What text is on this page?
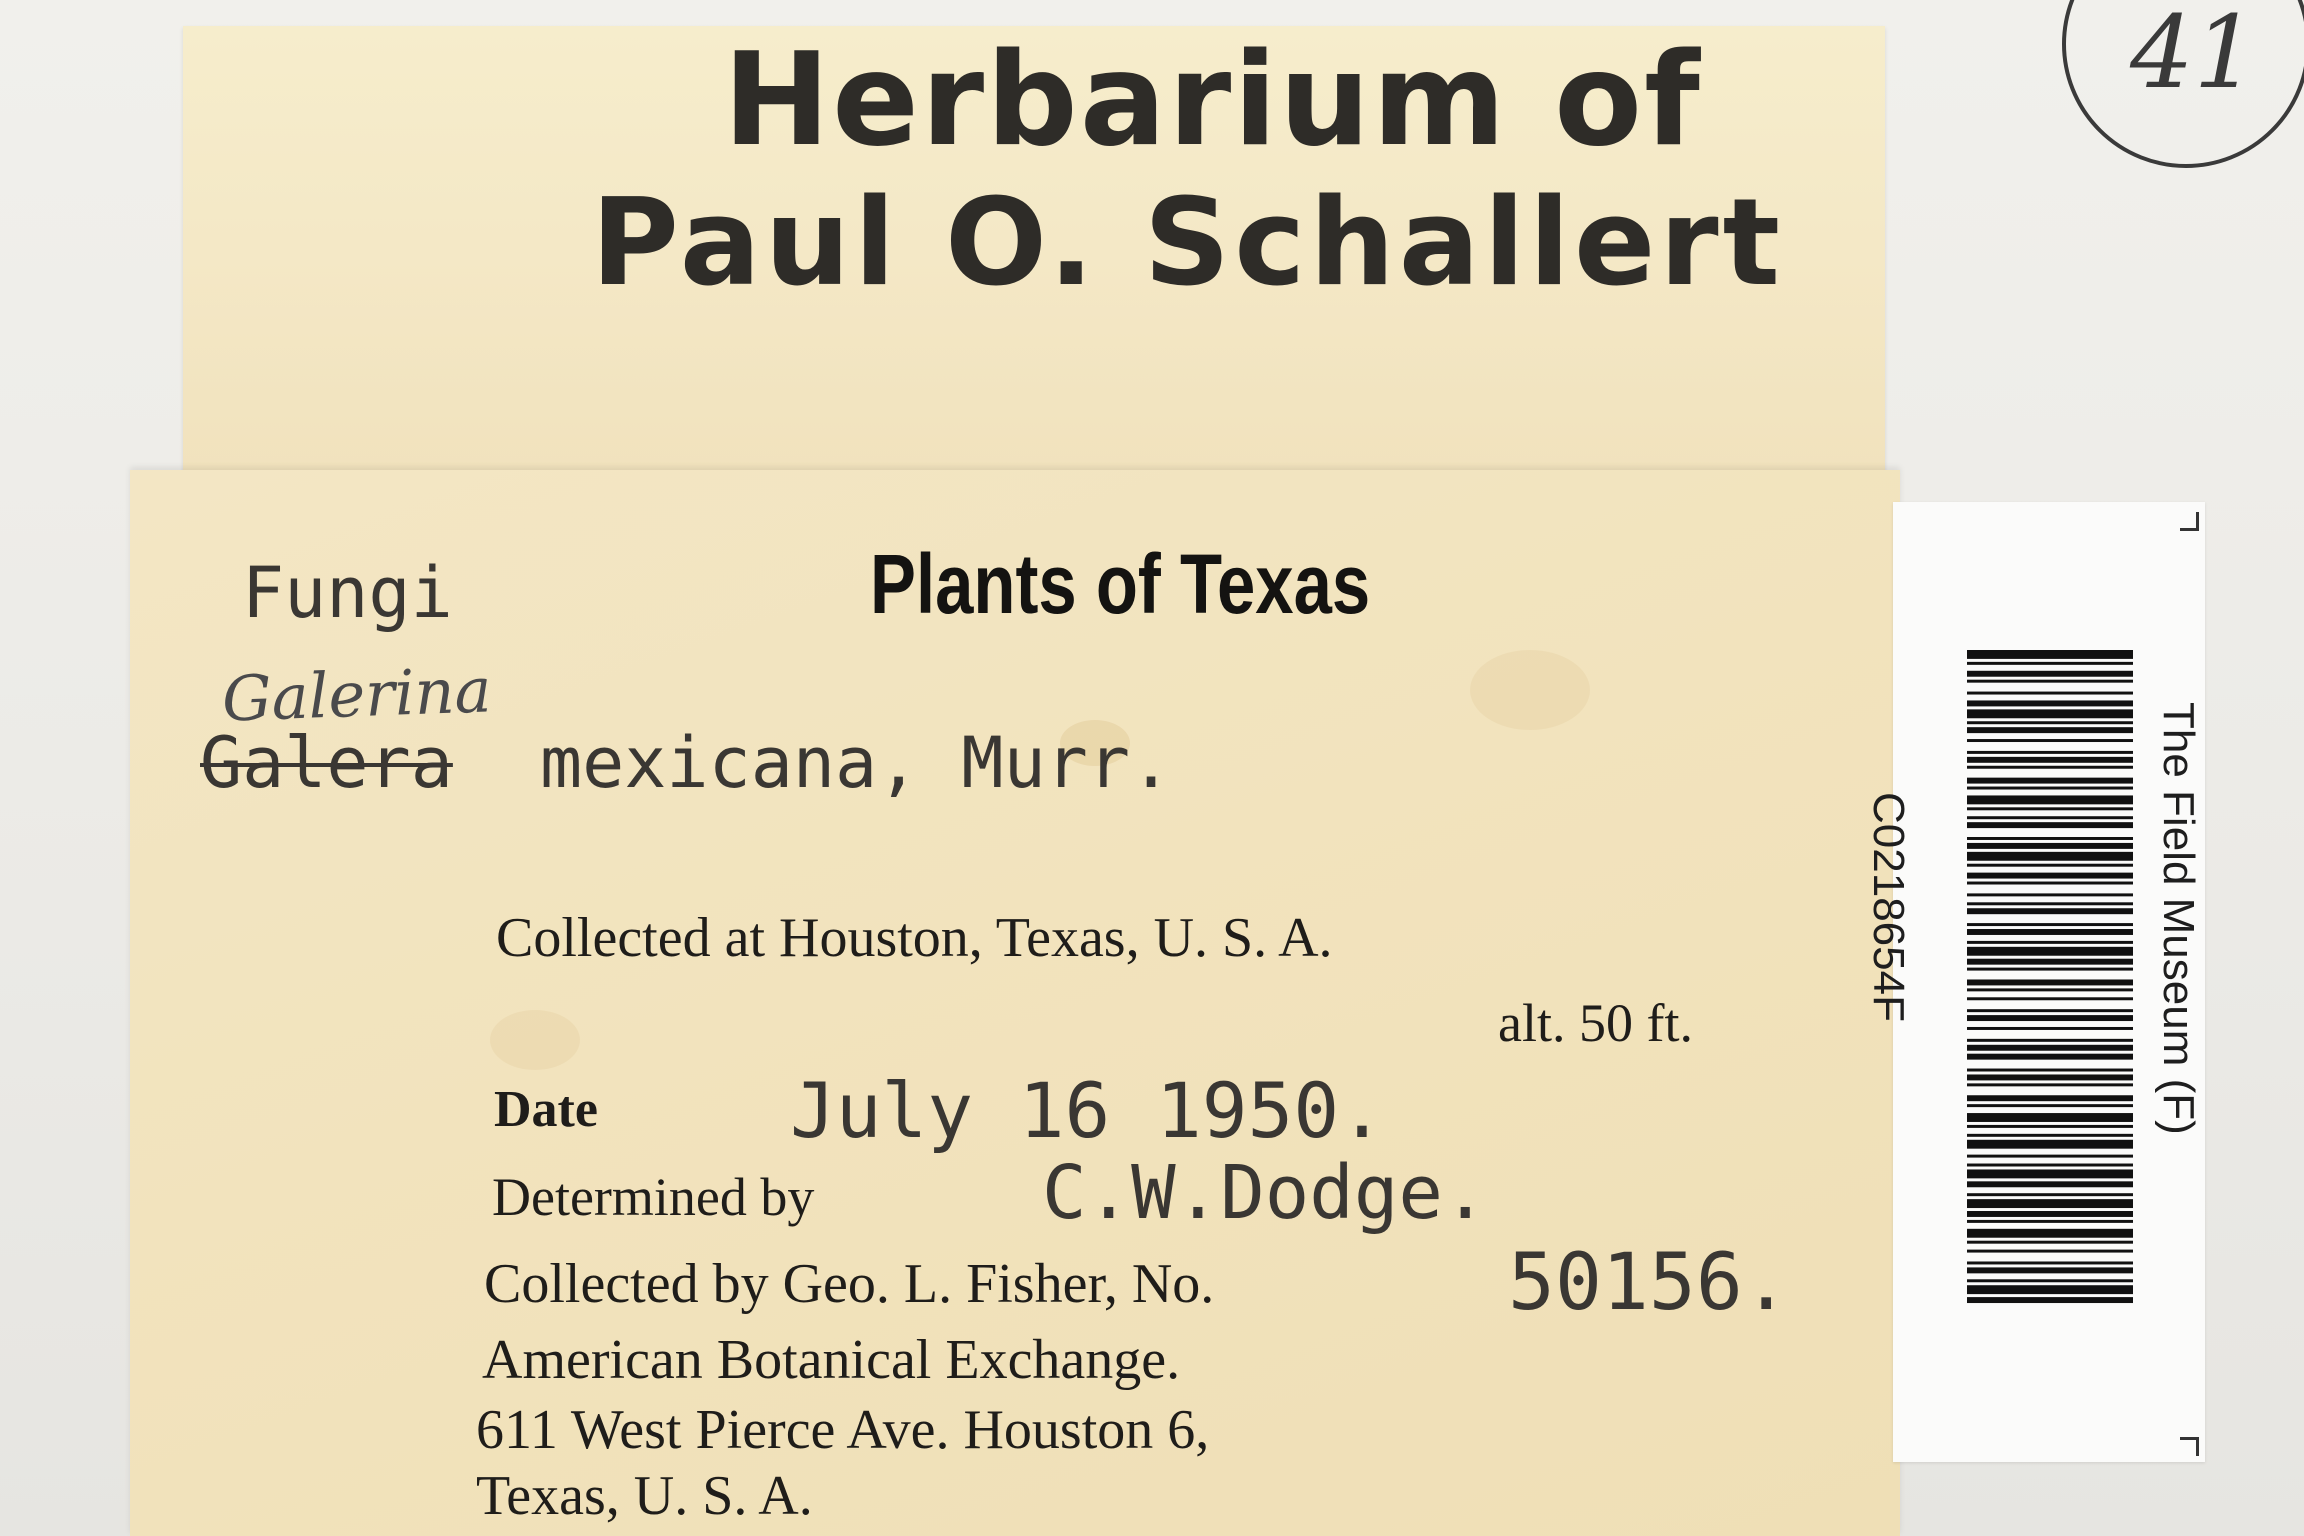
41
Herbarium of
Paul O. Schallert
Fungi	Plants of Texas
Galerina
Galera mexicana, Murr.
Collected at Houston, Texas, U. S. A.
alt. 50 ft.
Date	July 16 1950.
Determined by	C.W.Dodge.
Collected by Geo. L. Fisher, No.	50156.
American Botanical Exchange.
611 West Pierce Ave. Houston 6,
Texas, U. S. A.
The Field Museum (F)
C0218654F
